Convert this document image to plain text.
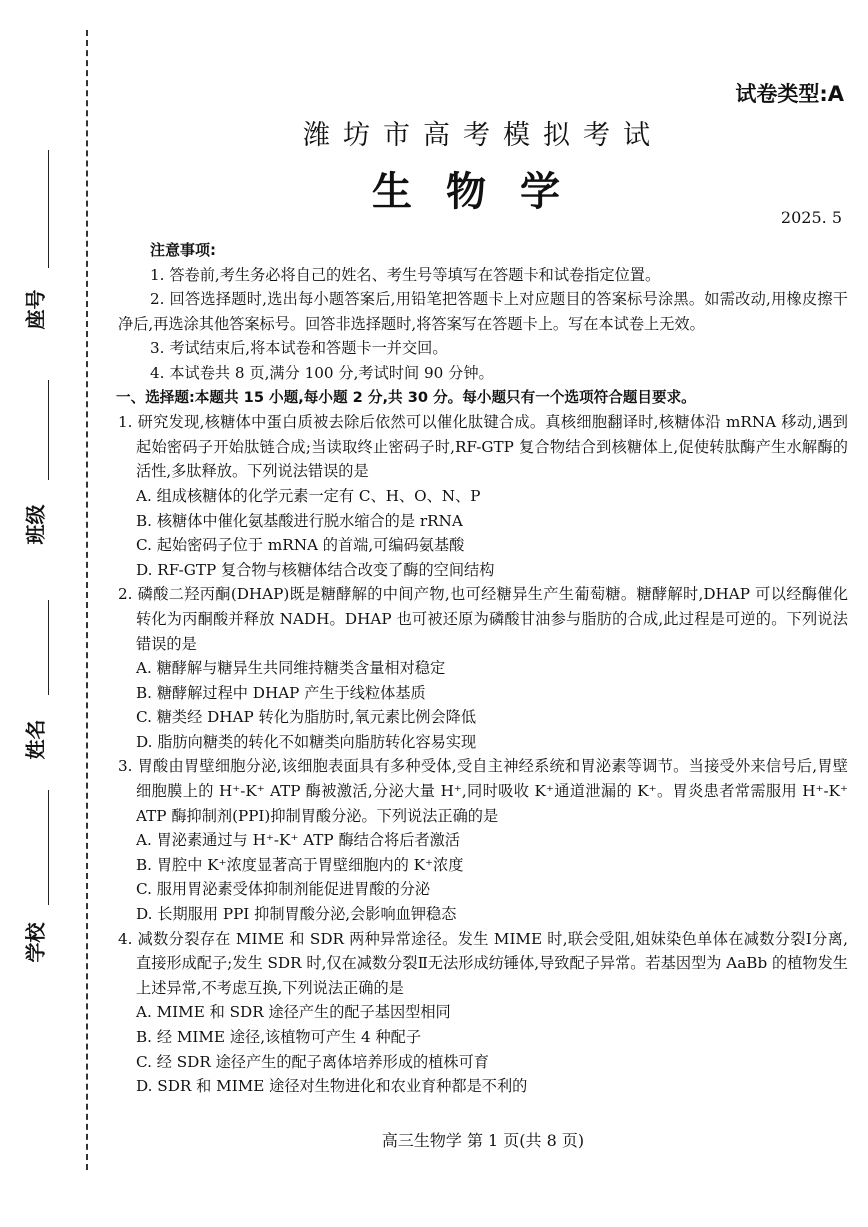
座号
班级
姓名
学校
试卷类型:A
潍坊市高考模拟考试
生物学
2025. 5
注意事项:
1. 答卷前,考生务必将自己的姓名、考生号等填写在答题卡和试卷指定位置。
2. 回答选择题时,选出每小题答案后,用铅笔把答题卡上对应题目的答案标号涂黑。如需改动,用橡皮擦干净后,再选涂其他答案标号。回答非选择题时,将答案写在答题卡上。写在本试卷上无效。
3. 考试结束后,将本试卷和答题卡一并交回。
4. 本试卷共 8 页,满分 100 分,考试时间 90 分钟。
一、选择题:本题共 15 小题,每小题 2 分,共 30 分。每小题只有一个选项符合题目要求。
1. 研究发现,核糖体中蛋白质被去除后依然可以催化肽键合成。真核细胞翻译时,核糖体沿 mRNA 移动,遇到起始密码子开始肽链合成;当读取终止密码子时,RF-GTP 复合物结合到核糖体上,促使转肽酶产生水解酶的活性,多肽释放。下列说法错误的是
A. 组成核糖体的化学元素一定有 C、H、O、N、P
B. 核糖体中催化氨基酸进行脱水缩合的是 rRNA
C. 起始密码子位于 mRNA 的首端,可编码氨基酸
D. RF-GTP 复合物与核糖体结合改变了酶的空间结构
2. 磷酸二羟丙酮(DHAP)既是糖酵解的中间产物,也可经糖异生产生葡萄糖。糖酵解时,DHAP 可以经酶催化转化为丙酮酸并释放 NADH。DHAP 也可被还原为磷酸甘油参与脂肪的合成,此过程是可逆的。下列说法错误的是
A. 糖酵解与糖异生共同维持糖类含量相对稳定
B. 糖酵解过程中 DHAP 产生于线粒体基质
C. 糖类经 DHAP 转化为脂肪时,氧元素比例会降低
D. 脂肪向糖类的转化不如糖类向脂肪转化容易实现
3. 胃酸由胃壁细胞分泌,该细胞表面具有多种受体,受自主神经系统和胃泌素等调节。当接受外来信号后,胃壁细胞膜上的 H⁺-K⁺ ATP 酶被激活,分泌大量 H⁺,同时吸收 K⁺通道泄漏的 K⁺。胃炎患者常需服用 H⁺-K⁺ ATP 酶抑制剂(PPI)抑制胃酸分泌。下列说法正确的是
A. 胃泌素通过与 H⁺-K⁺ ATP 酶结合将后者激活
B. 胃腔中 K⁺浓度显著高于胃壁细胞内的 K⁺浓度
C. 服用胃泌素受体抑制剂能促进胃酸的分泌
D. 长期服用 PPI 抑制胃酸分泌,会影响血钾稳态
4. 减数分裂存在 MIME 和 SDR 两种异常途径。发生 MIME 时,联会受阻,姐妹染色单体在减数分裂Ⅰ分离,直接形成配子;发生 SDR 时,仅在减数分裂Ⅱ无法形成纺锤体,导致配子异常。若基因型为 AaBb 的植物发生上述异常,不考虑互换,下列说法正确的是
A. MIME 和 SDR 途径产生的配子基因型相同
B. 经 MIME 途径,该植物可产生 4 种配子
C. 经 SDR 途径产生的配子离体培养形成的植株可育
D. SDR 和 MIME 途径对生物进化和农业育种都是不利的
高三生物学 第 1 页(共 8 页)
